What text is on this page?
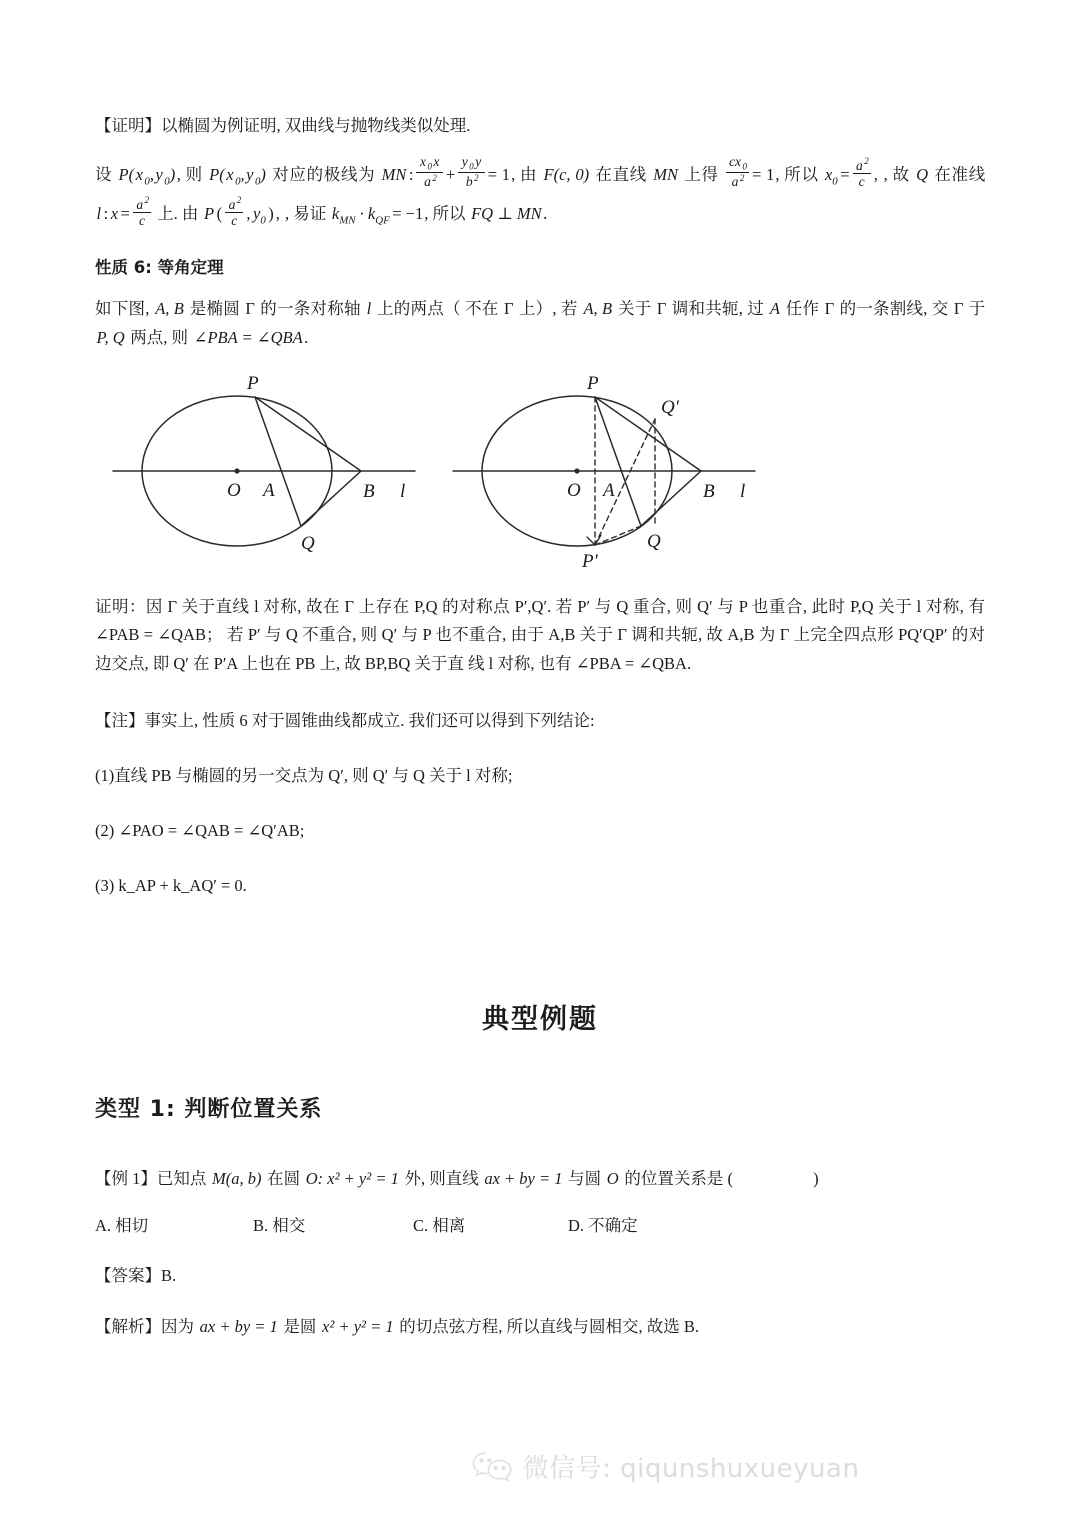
【证明】以椭圆为例证明, 双曲线与抛物线类似处理.

设 P(x $_0$,y $_0$), 则 P(x $_0$,y $_0$) 对应的极线为 MN : $\frac{x _0 x}{a ^2} + \frac{y _0 y}{b ^2} = 1$, 由 F(c, 0) 在直线 MN 上得 $\frac{cx _0}{a ^2} = 1$, 所以 $x_0 = \frac{a ^2}{c}$ , , 故 Q 在准线 l : $x = \frac{a ^2}{c}$ 上. 由 P ( $\frac{a ^2}{c}$ , $y_0$ ) , , 易证 $k_{MN} \cdot k_{QF} = -1$, 所以 FQ ⊥ MN.

性质 6: 等角定理

如下图, A, B 是椭圆 Γ 的一条对称轴 l 上的两点（ 不在 Γ 上）, 若 A, B 关于 Γ 调和共轭, 过 A 任作 Γ 的一条割线, 交 Γ 于 P, Q 两点, 则 ∠PBA = ∠QBA.

P
O A	B l
Q
P
O A	B l
Q
Q′
P′

证明：因 Γ 关于直线 l 对称, 故在 Γ 上存在 P,Q 的对称点 P′,Q′. 若 P′ 与 Q 重合, 则 Q′ 与 P 也重合, 此时 P,Q 关于 l 对称, 有 ∠PAB = ∠QAB； 若 P′ 与 Q 不重合, 则 Q′ 与 P 也不重合, 由于 A,B 关于 Γ 调和共轭, 故 A,B 为 Γ 上完全四点形 PQ′QP′ 的对边交点, 即 Q′ 在 P′A 上也在 PB 上, 故 BP,BQ 关于直 线 l 对称, 也有 ∠PBA = ∠QBA.

【注】事实上, 性质 6 对于圆锥曲线都成立. 我们还可以得到下列结论:

(1)直线 PB 与椭圆的另一交点为 Q′, 则 Q′ 与 Q 关于 l 对称;

(2) ∠PAO = ∠QAB = ∠Q′AB;

(3) k_AP + k_AQ′ = 0.

典型例题
类型 1: 判断位置关系

【例 1】已知点 M(a, b) 在圆 O: x² + y² = 1 外, 则直线 ax + by = 1 与圆 O 的位置关系是 (	)

A. 相切	B. 相交	C. 相离	D. 不确定

【答案】B.

【解析】因为 ax + by = 1 是圆 x² + y² = 1 的切点弦方程, 所以直线与圆相交, 故选 B.

微信号: qiqunshuxueyuan
